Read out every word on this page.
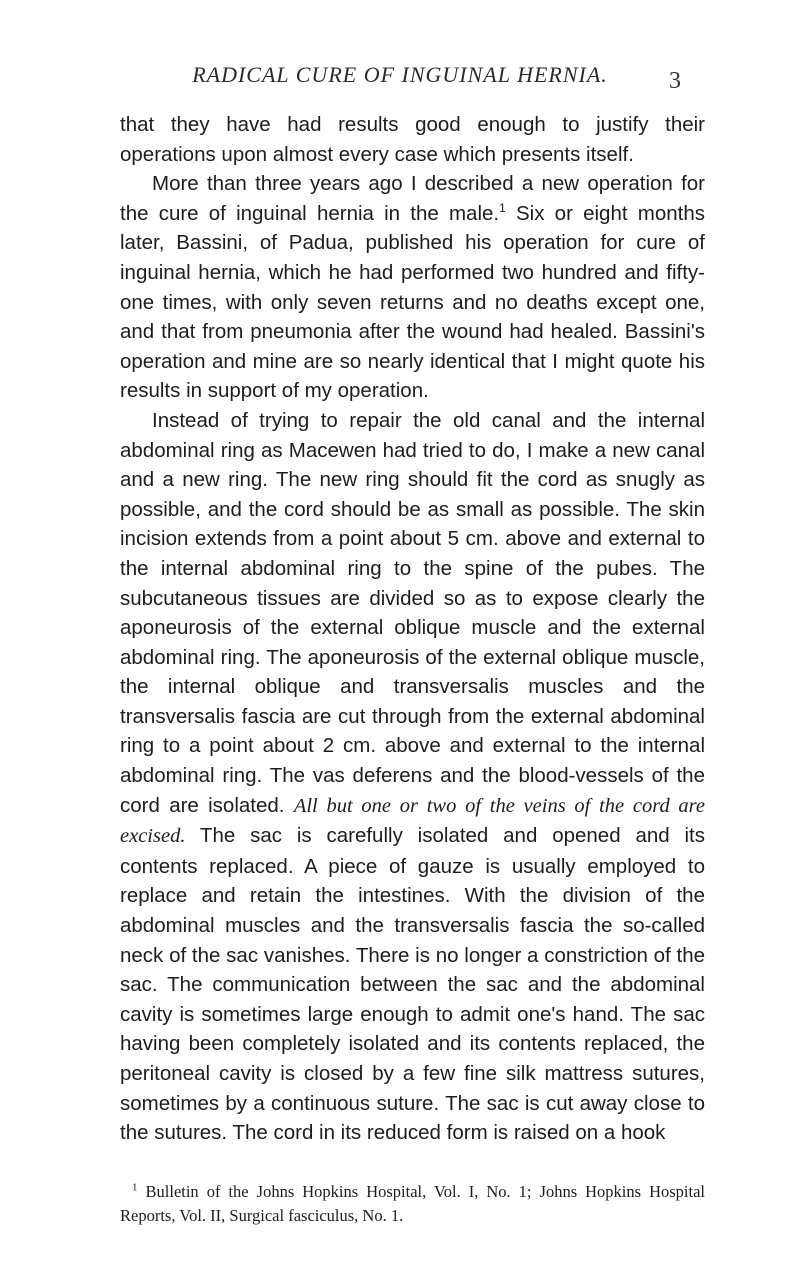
RADICAL CURE OF INGUINAL HERNIA.	3

that they have had results good enough to justify their operations upon almost every case which presents itself.

More than three years ago I described a new operation for the cure of inguinal hernia in the male.$^1$ Six or eight months later, Bassini, of Padua, published his operation for cure of inguinal hernia, which he had performed two hundred and fifty-one times, with only seven returns and no deaths except one, and that from pneumonia after the wound had healed. Bassini's operation and mine are so nearly identical that I might quote his results in support of my operation.

Instead of trying to repair the old canal and the internal abdominal ring as Macewen had tried to do, I make a new canal and a new ring. The new ring should fit the cord as snugly as possible, and the cord should be as small as possible. The skin incision extends from a point about 5 cm. above and external to the internal abdominal ring to the spine of the pubes. The subcutaneous tissues are divided so as to expose clearly the aponeurosis of the external oblique muscle and the external abdominal ring. The aponeurosis of the external oblique muscle, the internal oblique and transversalis muscles and the transversalis fascia are cut through from the external abdominal ring to a point about 2 cm. above and external to the internal abdominal ring. The vas deferens and the blood-vessels of the cord are isolated. All but one or two of the veins of the cord are excised. The sac is carefully isolated and opened and its contents replaced. A piece of gauze is usually employed to replace and retain the intestines. With the division of the abdominal muscles and the transversalis fascia the so-called neck of the sac vanishes. There is no longer a constriction of the sac. The communication between the sac and the abdominal cavity is sometimes large enough to admit one's hand. The sac having been completely isolated and its contents replaced, the peritoneal cavity is closed by a few fine silk mattress sutures, sometimes by a continuous suture. The sac is cut away close to the sutures. The cord in its reduced form is raised on a hook

$^1$ Bulletin of the Johns Hopkins Hospital, Vol. I, No. 1; Johns Hopkins Hospital Reports, Vol. II, Surgical fasciculus, No. 1.
